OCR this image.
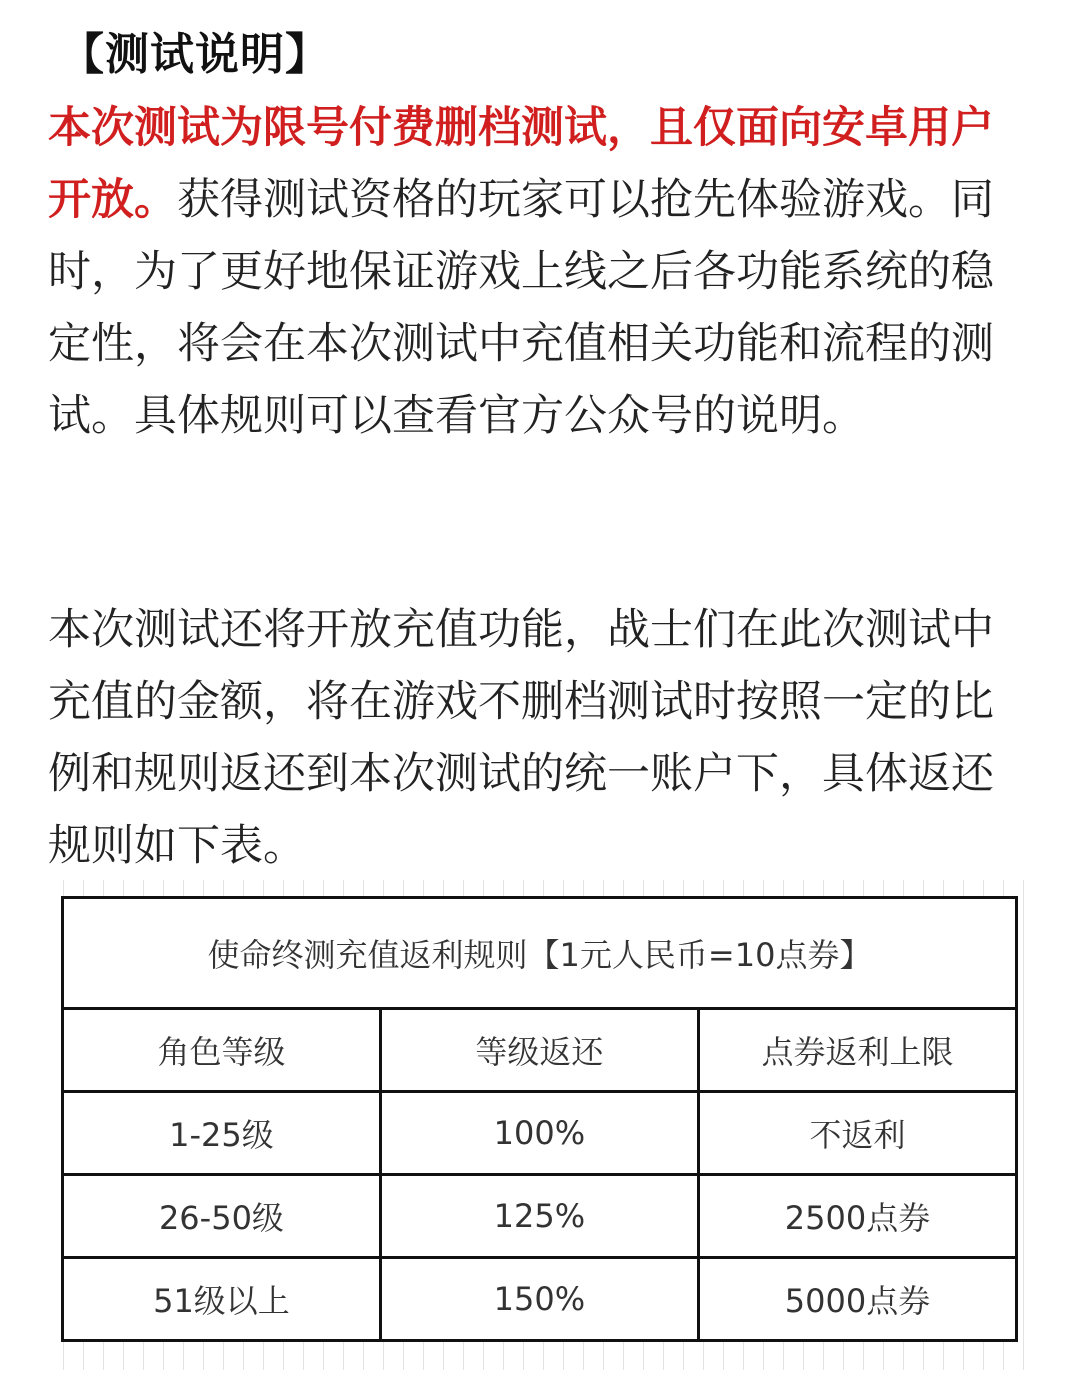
【测试说明】
本次测试为限号付费删档测试，且仅面向安卓用户开放。获得测试资格的玩家可以抢先体验游戏。同时，为了更好地保证游戏上线之后各功能系统的稳定性，将会在本次测试中充值相关功能和流程的测试。具体规则可以查看官方公众号的说明。
本次测试还将开放充值功能，战士们在此次测试中充值的金额，将在游戏不删档测试时按照一定的比例和规则返还到本次测试的统一账户下，具体返还规则如下表。
使命终测充值返利规则【1元人民币=10点券】		
角色等级	等级返还	点券返利上限
1-25级	100%	不返利
26-50级	125%	2500点券
51级以上	150%	5000点券
